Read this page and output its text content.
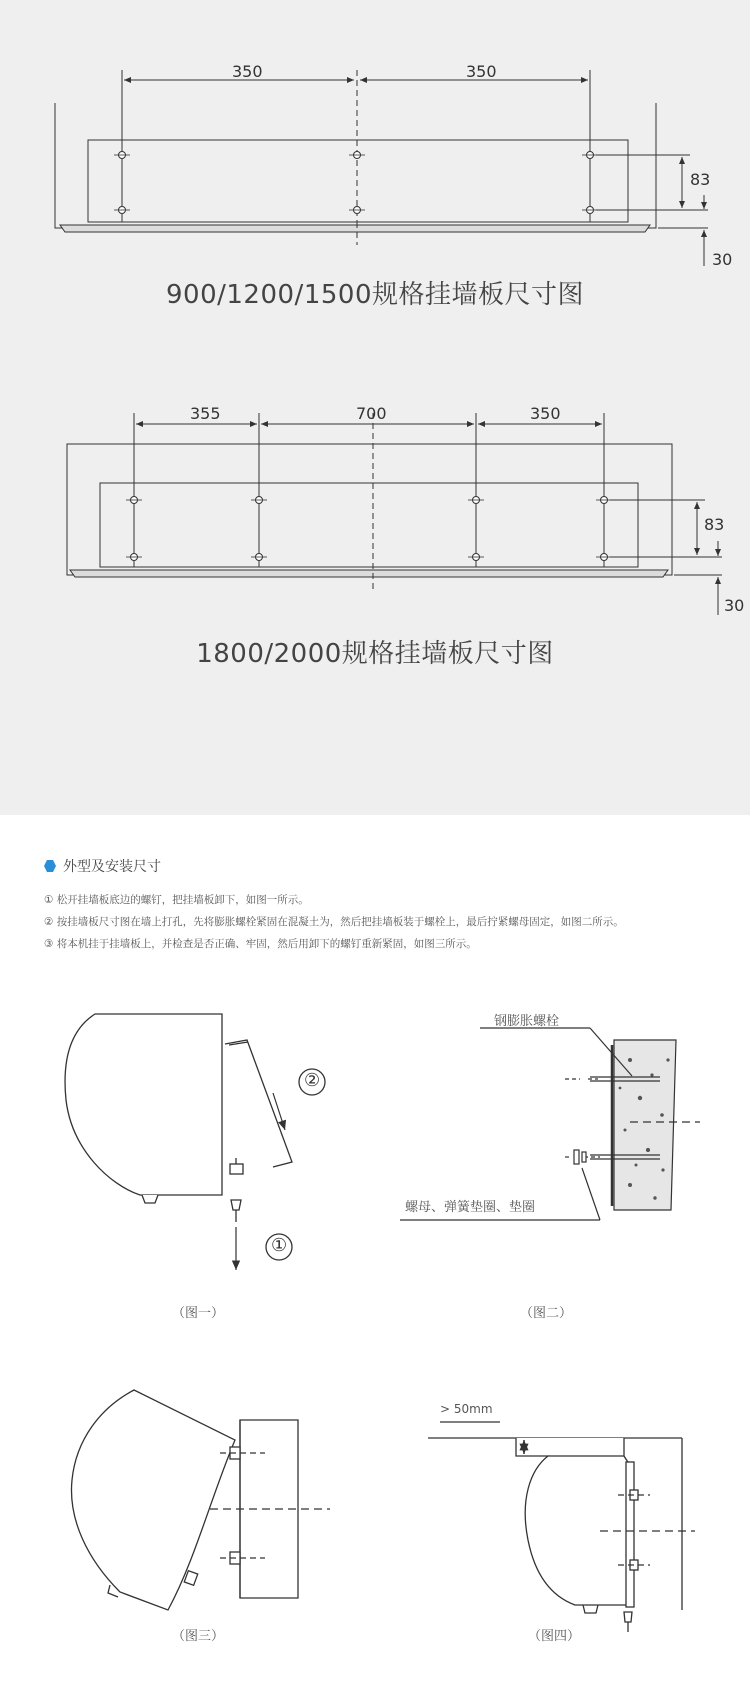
350	350
83
30
900/1200/1500规格挂墙板尺寸图
355	700	350
83
30
1800/2000规格挂墙板尺寸图
外型及安装尺寸
① 松开挂墙板底边的螺钉，把挂墙板卸下，如图一所示。
② 按挂墙板尺寸图在墙上打孔，先将膨胀螺栓紧固在混凝土为，然后把挂墙板装于螺栓上，最后拧紧螺母固定，如图二所示。
③ 将本机挂于挂墙板上，并检查是否正确、牢固，然后用卸下的螺钉重新紧固，如图三所示。
（图一）
②
①
（图二）
钢膨胀螺栓
螺母、弹簧垫圈、垫圈
（图三）	（图四）
> 50mm
